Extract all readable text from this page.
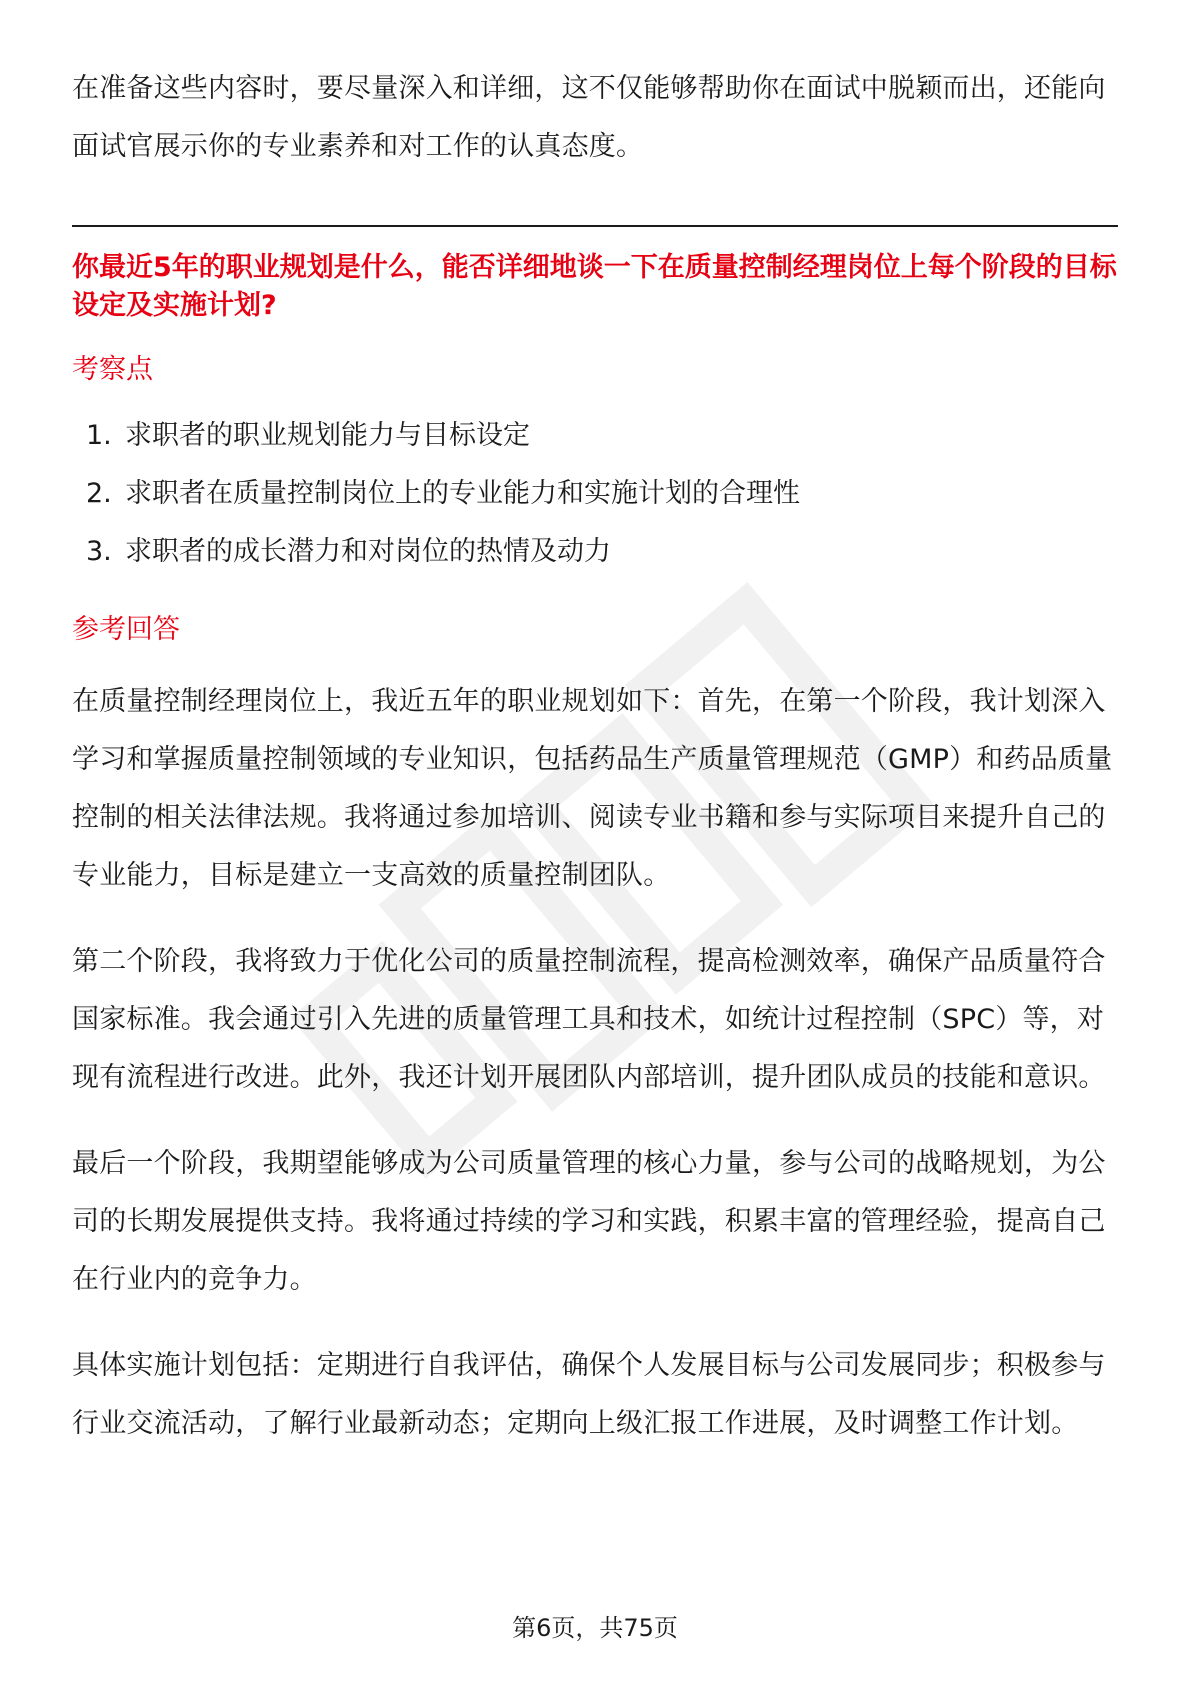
在准备这些内容时，要尽量深入和详细，这不仅能够帮助你在面试中脱颖而出，还能向面试官展示你的专业素养和对工作的认真态度。

你最近5年的职业规划是什么，能否详细地谈一下在质量控制经理岗位上每个阶段的目标设定及实施计划?

考察点
1. 求职者的职业规划能力与目标设定
2. 求职者在质量控制岗位上的专业能力和实施计划的合理性
3. 求职者的成长潜力和对岗位的热情及动力
参考回答

在质量控制经理岗位上，我近五年的职业规划如下：首先，在第一个阶段，我计划深入学习和掌握质量控制领域的专业知识，包括药品生产质量管理规范（GMP）和药品质量控制的相关法律法规。我将通过参加培训、阅读专业书籍和参与实际项目来提升自己的专业能力，目标是建立一支高效的质量控制团队。

第二个阶段，我将致力于优化公司的质量控制流程，提高检测效率，确保产品质量符合国家标准。我会通过引入先进的质量管理工具和技术，如统计过程控制（SPC）等，对现有流程进行改进。此外，我还计划开展团队内部培训，提升团队成员的技能和意识。

最后一个阶段，我期望能够成为公司质量管理的核心力量，参与公司的战略规划，为公司的长期发展提供支持。我将通过持续的学习和实践，积累丰富的管理经验，提高自己在行业内的竞争力。

具体实施计划包括：定期进行自我评估，确保个人发展目标与公司发展同步；积极参与行业交流活动，了解行业最新动态；定期向上级汇报工作进展，及时调整工作计划。

第6页，共75页
